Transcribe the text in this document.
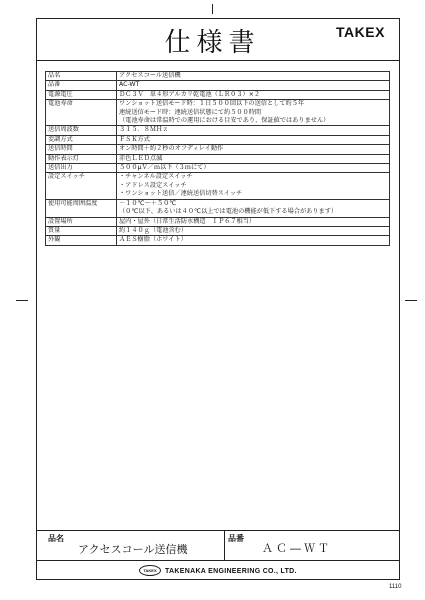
仕様書	TAKEX
品名	アクセスコール送信機

品番	AC-WT

電源電圧	ＤＣ３Ｖ　単４形アルカリ乾電池（ＬＲ０３）×２

電池寿命	ワンショット送信モード時：１日５００回以下の送信として約５年
連続送信モード時：連続送信状態にて約５００時間
（電池寿命は常温時での運用における目安であり、保証値ではありません）

送信周波数	３１５．８ＭＨｚ

変調方式	ＦＳＫ方式

送信時間	オン時間＋約２秒のオフディレイ動作

動作表示灯	赤色ＬＥＤ点滅

送信出力	５００μＶ／ｍ以下（３ｍにて）

設定スイッチ	・チャンネル設定スイッチ
・アドレス設定スイッチ
・ワンショット送信／連続送信切替スイッチ

使用可能周囲温度	－１０℃～＋５０℃
（０℃以下、あるいは４０℃以上では電池の機能が低下する場合があります）

設置場所	屋内・屋外（日常生活防水構造　ＩＰ６７相当）

質量	約１４０ｇ（電池含む）

外観	ＡＥＳ樹脂（ホワイト）
品名
アクセスコール送信機
品番
ＡＣ―ＷＴ
TAKEX	TAKENAKA ENGINEERING CO., LTD.
1110
